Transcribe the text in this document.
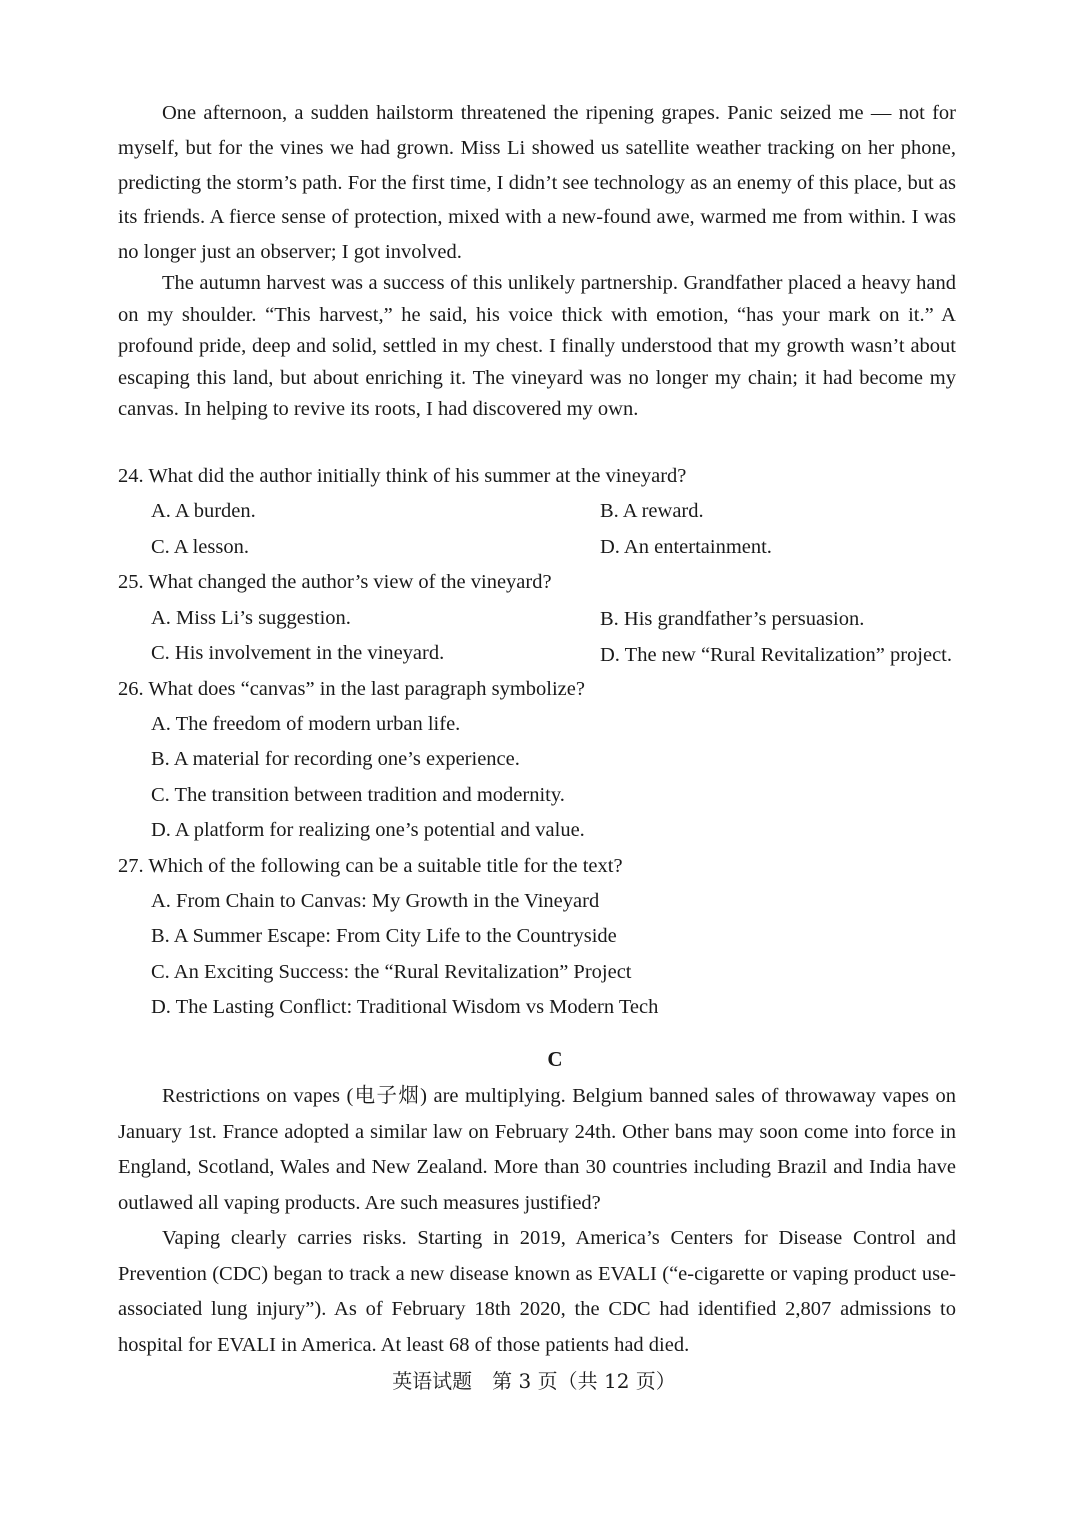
One afternoon, a sudden hailstorm threatened the ripening grapes. Panic seized me — not for myself, but for the vines we had grown. Miss Li showed us satellite weather tracking on her phone, predicting the storm’s path. For the first time, I didn’t see technology as an enemy of this place, but as its friends. A fierce sense of protection, mixed with a new-found awe, warmed me from within. I was no longer just an observer; I got involved.

The autumn harvest was a success of this unlikely partnership. Grandfather placed a heavy hand on my shoulder. “This harvest,” he said, his voice thick with emotion, “has your mark on it.” A profound pride, deep and solid, settled in my chest. I finally understood that my growth wasn’t about escaping this land, but about enriching it. The vineyard was no longer my chain; it had become my canvas. In helping to revive its roots, I had discovered my own.

24. What did the author initially think of his summer at the vineyard?
A. A burden.	B. A reward.
C. A lesson.	D. An entertainment.
25. What changed the author’s view of the vineyard?
A. Miss Li’s suggestion.	B. His grandfather’s persuasion.
C. His involvement in the vineyard.	D. The new “Rural Revitalization” project.
26. What does “canvas” in the last paragraph symbolize?
A. The freedom of modern urban life.
B. A material for recording one’s experience.
C. The transition between tradition and modernity.
D. A platform for realizing one’s potential and value.
27. Which of the following can be a suitable title for the text?
A. From Chain to Canvas: My Growth in the Vineyard
B. A Summer Escape: From City Life to the Countryside
C. An Exciting Success: the “Rural Revitalization” Project
D. The Lasting Conflict: Traditional Wisdom vs Modern Tech
C

Restrictions on vapes (电子烟) are multiplying. Belgium banned sales of throwaway vapes on January 1st. France adopted a similar law on February 24th. Other bans may soon come into force in England, Scotland, Wales and New Zealand. More than 30 countries including Brazil and India have outlawed all vaping products. Are such measures justified?

Vaping clearly carries risks. Starting in 2019, America’s Centers for Disease Control and Prevention (CDC) began to track a new disease known as EVALI (“e-cigarette or vaping product use-associated lung injury”). As of February 18th 2020, the CDC had identified 2,807 admissions to hospital for EVALI in America. At least 68 of those patients had died.

英语试题　第 3 页（共 12 页）
